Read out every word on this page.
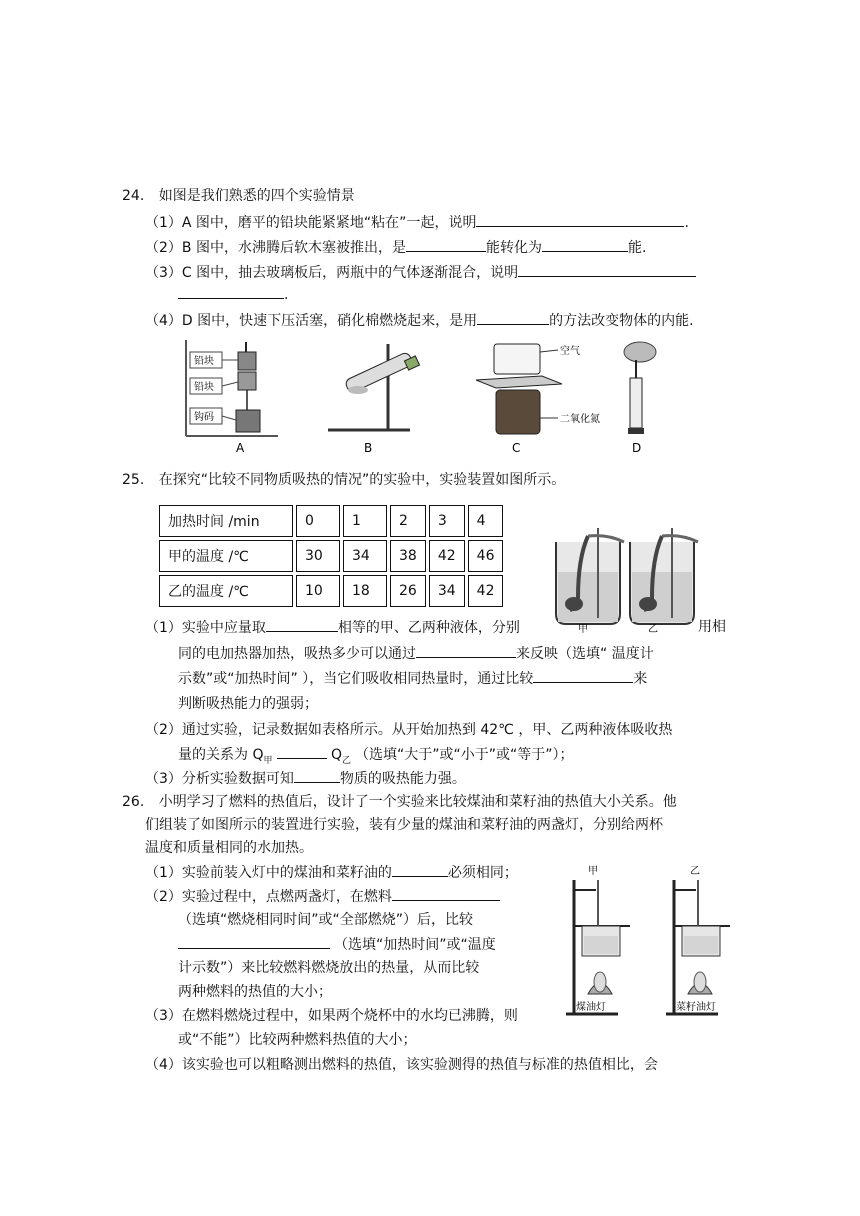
24. 如图是我们熟悉的四个实验情景
（1）A 图中，磨平的铅块能紧紧地“粘在”一起，说明	.
（2）B 图中，水沸腾后软木塞被推出，是	能转化为	能.
（3）C 图中，抽去玻璃板后，两瓶中的气体逐渐混合，说明
.
（4）D 图中，快速下压活塞，硝化棉燃烧起来，是用	的方法改变物体的内能.
铅块
铅块
钩码
A	B
空气
二氧化氮
C	D
25. 在探究“比较不同物质吸热的情况”的实验中，实验装置如图所示。
加热时间 /min	0	1	2	3	4
甲的温度 /℃	30	34	38	42	46
乙的温度 /℃	10	18	26	34	42
甲	乙
（1）实验中应量取	相等的甲、乙两种液体，分别	用相
同的电加热器加热，吸热多少可以通过	来反映（选填“ 温度计
示数”或“加热时间” ），当它们吸收相同热量时，通过比较	来
判断吸热能力的强弱；
（2）通过实验，记录数据如表格所示。从开始加热到 42℃ ，甲、乙两种液体吸收热
量的关系为 $Q_甲$	$Q_乙$ （选填“大于”或“小于”或“等于”）；
（3）分析实验数据可知	物质的吸热能力强。
26. 小明学习了燃料的热值后，设计了一个实验来比较煤油和菜籽油的热值大小关系。他
们组装了如图所示的装置进行实验，装有少量的煤油和菜籽油的两盏灯，分别给两杯
温度和质量相同的水加热。
（1）实验前装入灯中的煤油和菜籽油的	必须相同；
（2）实验过程中，点燃两盏灯，在燃料
（选填“燃烧相同时间”或“全部燃烧”）后，比较
（选填“加热时间”或“温度
计示数”）来比较燃料燃烧放出的热量，从而比较
两种燃料的热值的大小；
甲	乙
煤油灯	菜籽油灯
（3）在燃料燃烧过程中，如果两个烧杯中的水均已沸腾，则
或“不能”）比较两种燃料热值的大小；
（4）该实验也可以粗略测出燃料的热值，该实验测得的热值与标准的热值相比，会
